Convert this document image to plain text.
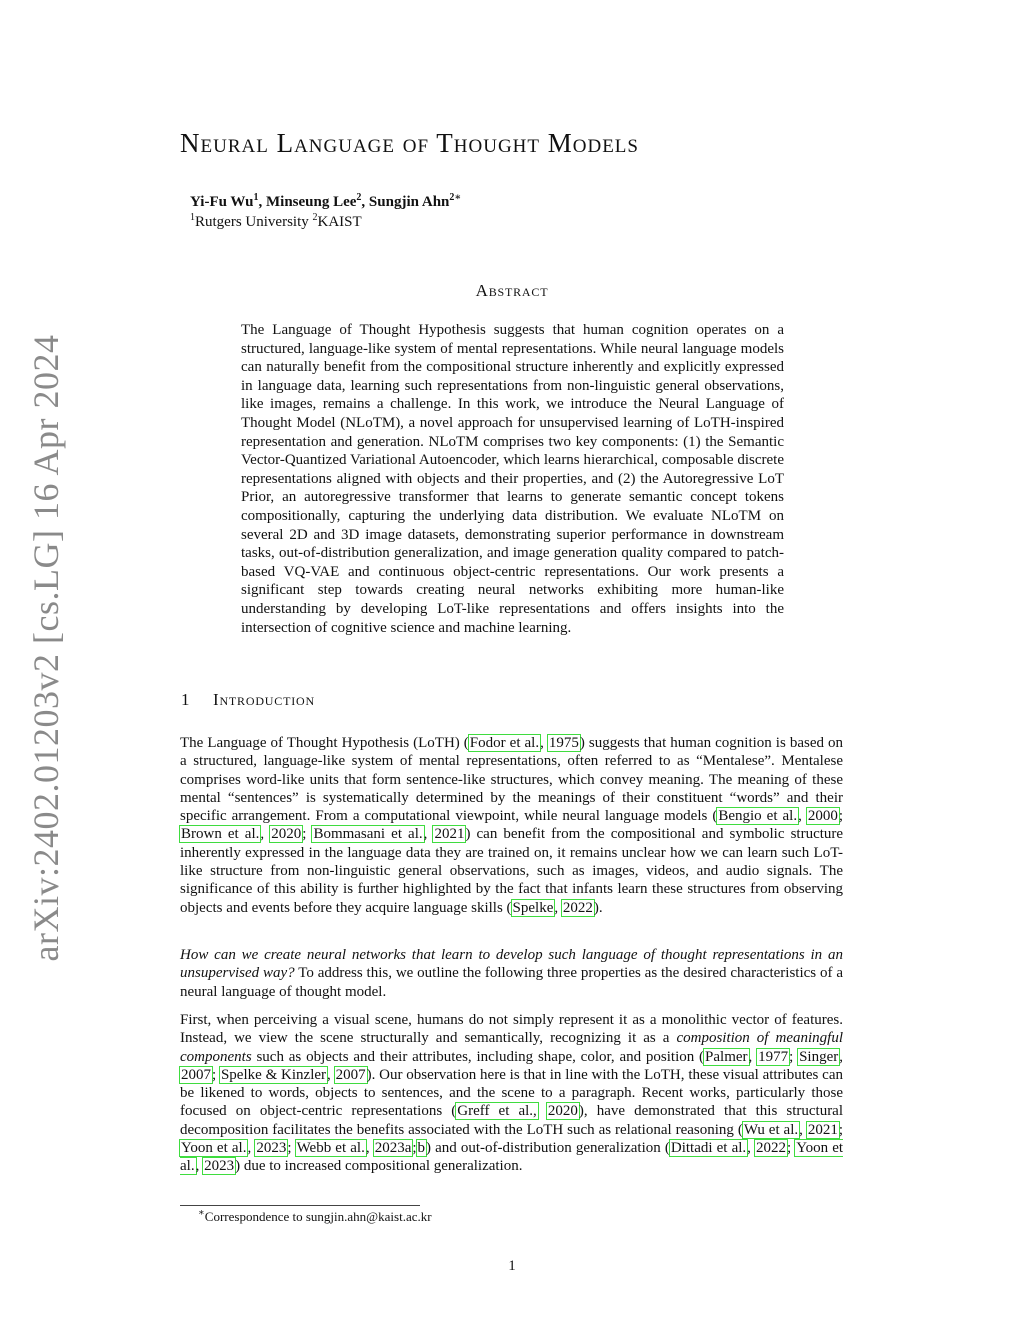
arXiv:2402.01203v2 [cs.LG] 16 Apr 2024
Neural Language of Thought Models
Yi-Fu Wu$^1$, Minseung Lee$^2$, Sungjin Ahn$^{2∗}$
$^1$Rutgers University $^2$KAIST
Abstract

The Language of Thought Hypothesis suggests that human cognition operates on a structured, language-like system of mental representations. While neural language models can naturally benefit from the compositional structure inherently and explicitly expressed in language data, learning such representations from non-linguistic general observations, like images, remains a challenge. In this work, we introduce the Neural Language of Thought Model (NLoTM), a novel approach for unsupervised learning of LoTH-inspired representation and generation. NLoTM comprises two key components: (1) the Semantic Vector-Quantized Variational Autoencoder, which learns hierarchical, composable discrete representations aligned with objects and their properties, and (2) the Autoregressive LoT Prior, an autoregressive transformer that learns to generate semantic concept tokens compositionally, capturing the underlying data distribution. We evaluate NLoTM on several 2D and 3D image datasets, demonstrating superior performance in downstream tasks, out-of-distribution generalization, and image generation quality compared to patch-based VQ-VAE and continuous object-centric representations. Our work presents a significant step towards creating neural networks exhibiting more human-like understanding by developing LoT-like representations and offers insights into the intersection of cognitive science and machine learning.

1 Introduction

The Language of Thought Hypothesis (LoTH) (Fodor et al., 1975) suggests that human cognition is based on a structured, language-like system of mental representations, often referred to as “Mentalese”. Mentalese comprises word-like units that form sentence-like structures, which convey meaning. The meaning of these mental “sentences” is systematically determined by the meanings of their constituent “words” and their specific arrangement. From a computational viewpoint, while neural language models (Bengio et al., 2000; Brown et al., 2020; Bommasani et al., 2021) can benefit from the compositional and symbolic structure inherently expressed in the language data they are trained on, it remains unclear how we can learn such LoT-like structure from non-linguistic general observations, such as images, videos, and audio signals. The significance of this ability is further highlighted by the fact that infants learn these structures from observing objects and events before they acquire language skills (Spelke, 2022).

How can we create neural networks that learn to develop such language of thought representations in an unsupervised way? To address this, we outline the following three properties as the desired characteristics of a neural language of thought model.

First, when perceiving a visual scene, humans do not simply represent it as a monolithic vector of features. Instead, we view the scene structurally and semantically, recognizing it as a composition of meaningful components such as objects and their attributes, including shape, color, and position (Palmer, 1977; Singer, 2007; Spelke & Kinzler, 2007). Our observation here is that in line with the LoTH, these visual attributes can be likened to words, objects to sentences, and the scene to a paragraph. Recent works, particularly those focused on object-centric representations (Greff et al., 2020), have demonstrated that this structural decomposition facilitates the benefits associated with the LoTH such as relational reasoning (Wu et al., 2021; Yoon et al., 2023; Webb et al., 2023a;b) and out-of-distribution generalization (Dittadi et al., 2022; Yoon et al., 2023) due to increased compositional generalization.

∗Correspondence to sungjin.ahn@kaist.ac.kr
1
